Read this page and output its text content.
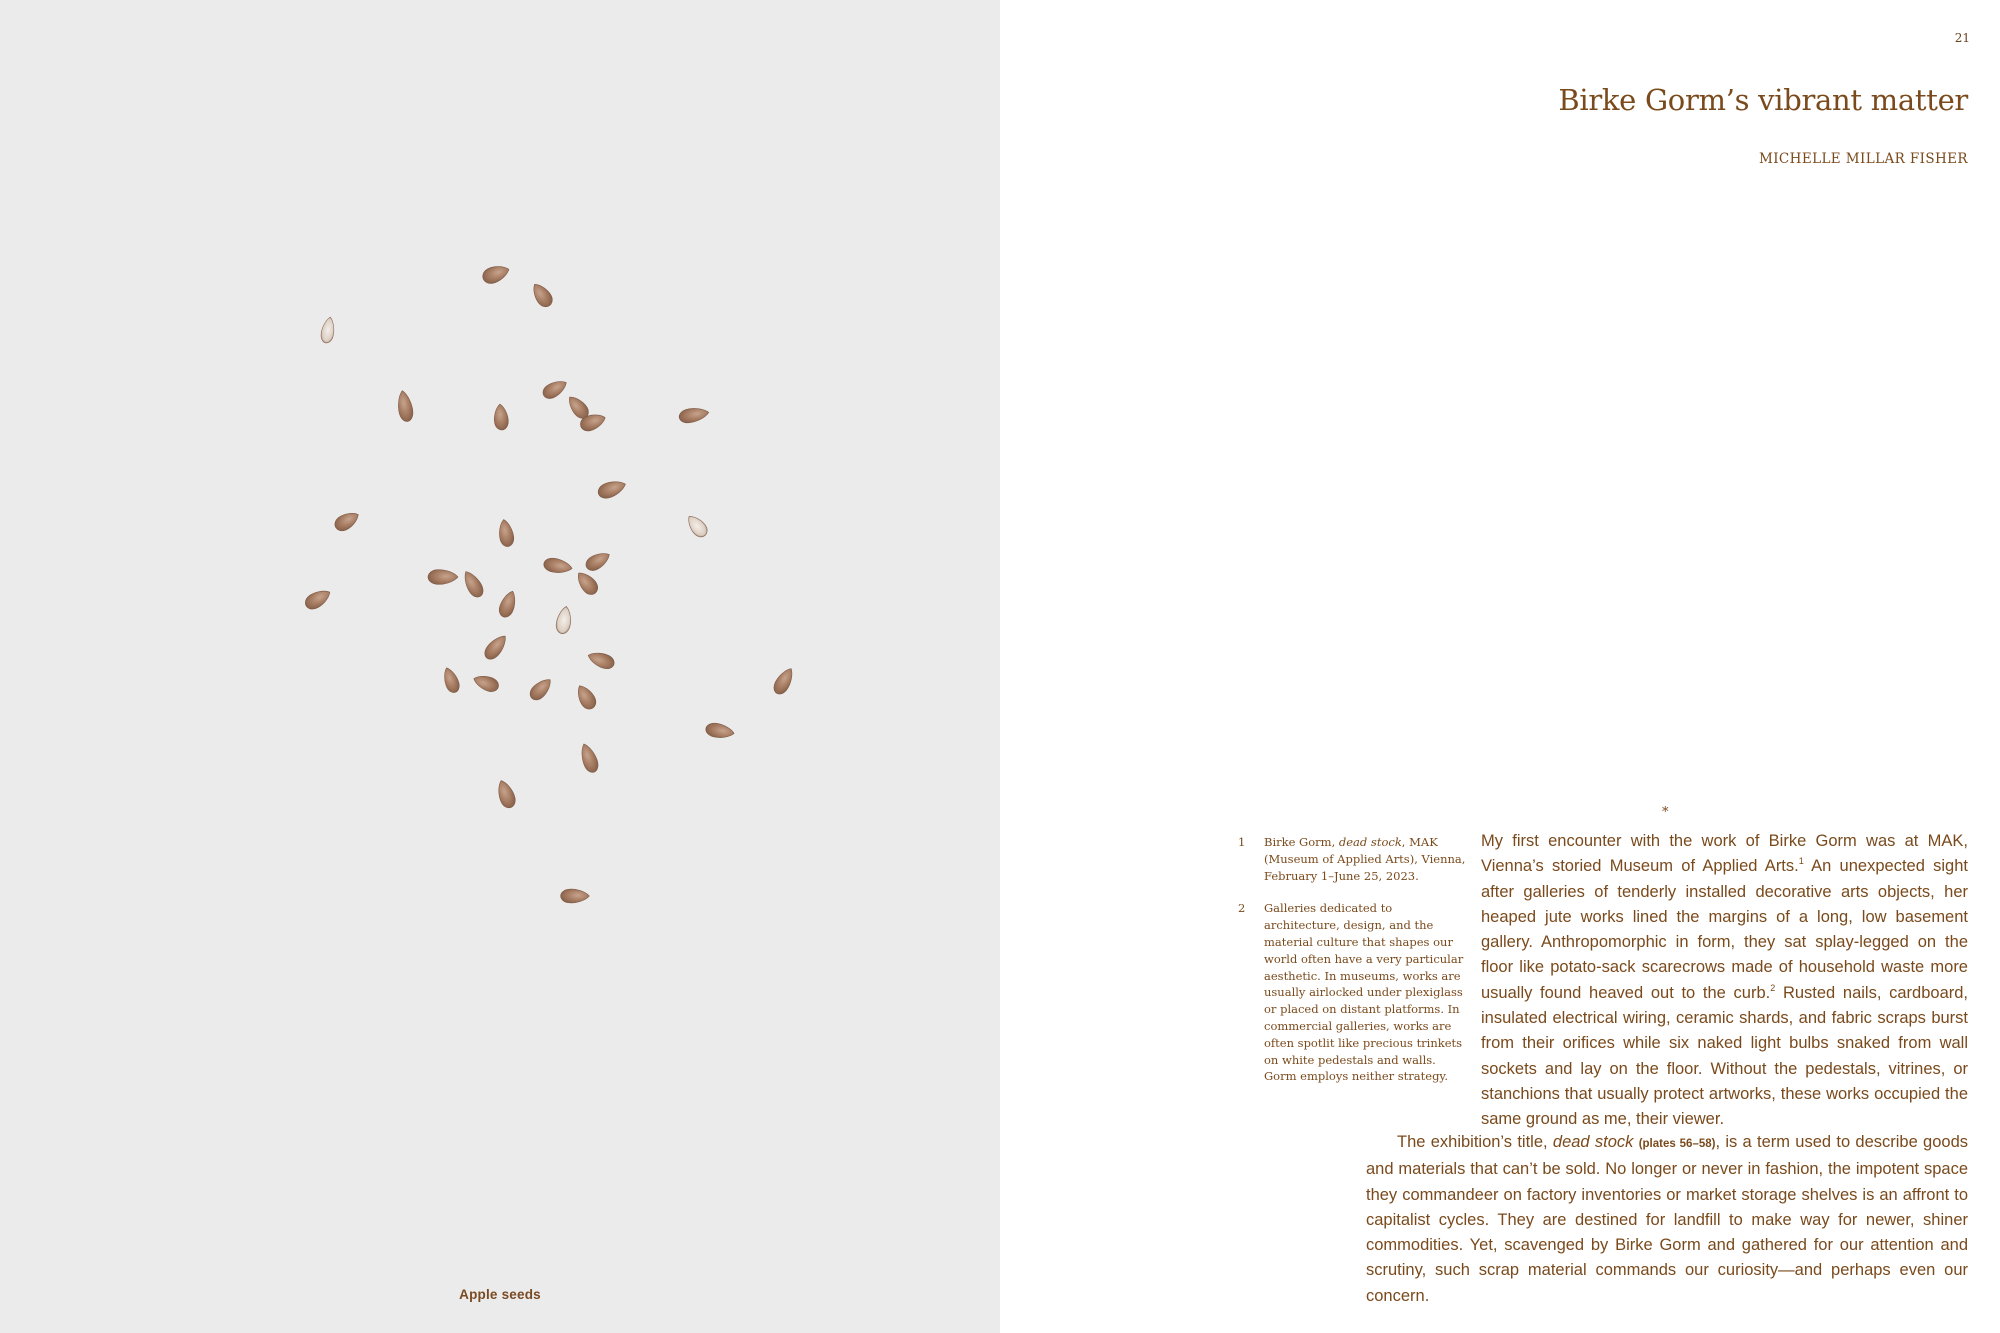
Apple seeds
21
Birke Gorm’s vibrant matter
MICHELLE MILLAR FISHER
*
1 Birke Gorm, dead stock, MAK (Museum of Applied Arts), Vienna, February 1–June 25, 2023.
2 Galleries dedicated to architecture, design, and the material culture that shapes our world often have a very particular aesthetic. In museums, works are usually airlocked under plexiglass or placed on distant platforms. In commercial galleries, works are often spotlit like precious trinkets on white pedestals and walls. Gorm employs neither strategy.

My first encounter with the work of Birke Gorm was at MAK, Vienna’s storied Museum of Applied Arts.$^1$ An unexpected sight after galleries of tenderly installed decorative arts objects, her heaped jute works lined the margins of a long, low basement gallery. Anthropomorphic in form, they sat splay-legged on the floor like potato-sack scarecrows made of household waste more usually found heaved out to the curb.$^2$ Rusted nails, cardboard, insulated electrical wiring, ceramic shards, and fabric scraps burst from their orifices while six naked light bulbs snaked from wall sockets and lay on the floor. Without the pedestals, vitrines, or stanchions that usually protect artworks, these works occupied the same ground as me, their viewer.

The exhibition’s title, dead stock (plates 56–58), is a term used to describe goods and materials that can’t be sold. No longer or never in fashion, the impotent space they commandeer on factory inventories or market storage shelves is an affront to capitalist cycles. They are destined for landfill to make way for newer, shiner commodities. Yet, scavenged by Birke Gorm and gathered for our attention and scrutiny, such scrap material commands our curiosity—and perhaps even our concern.
